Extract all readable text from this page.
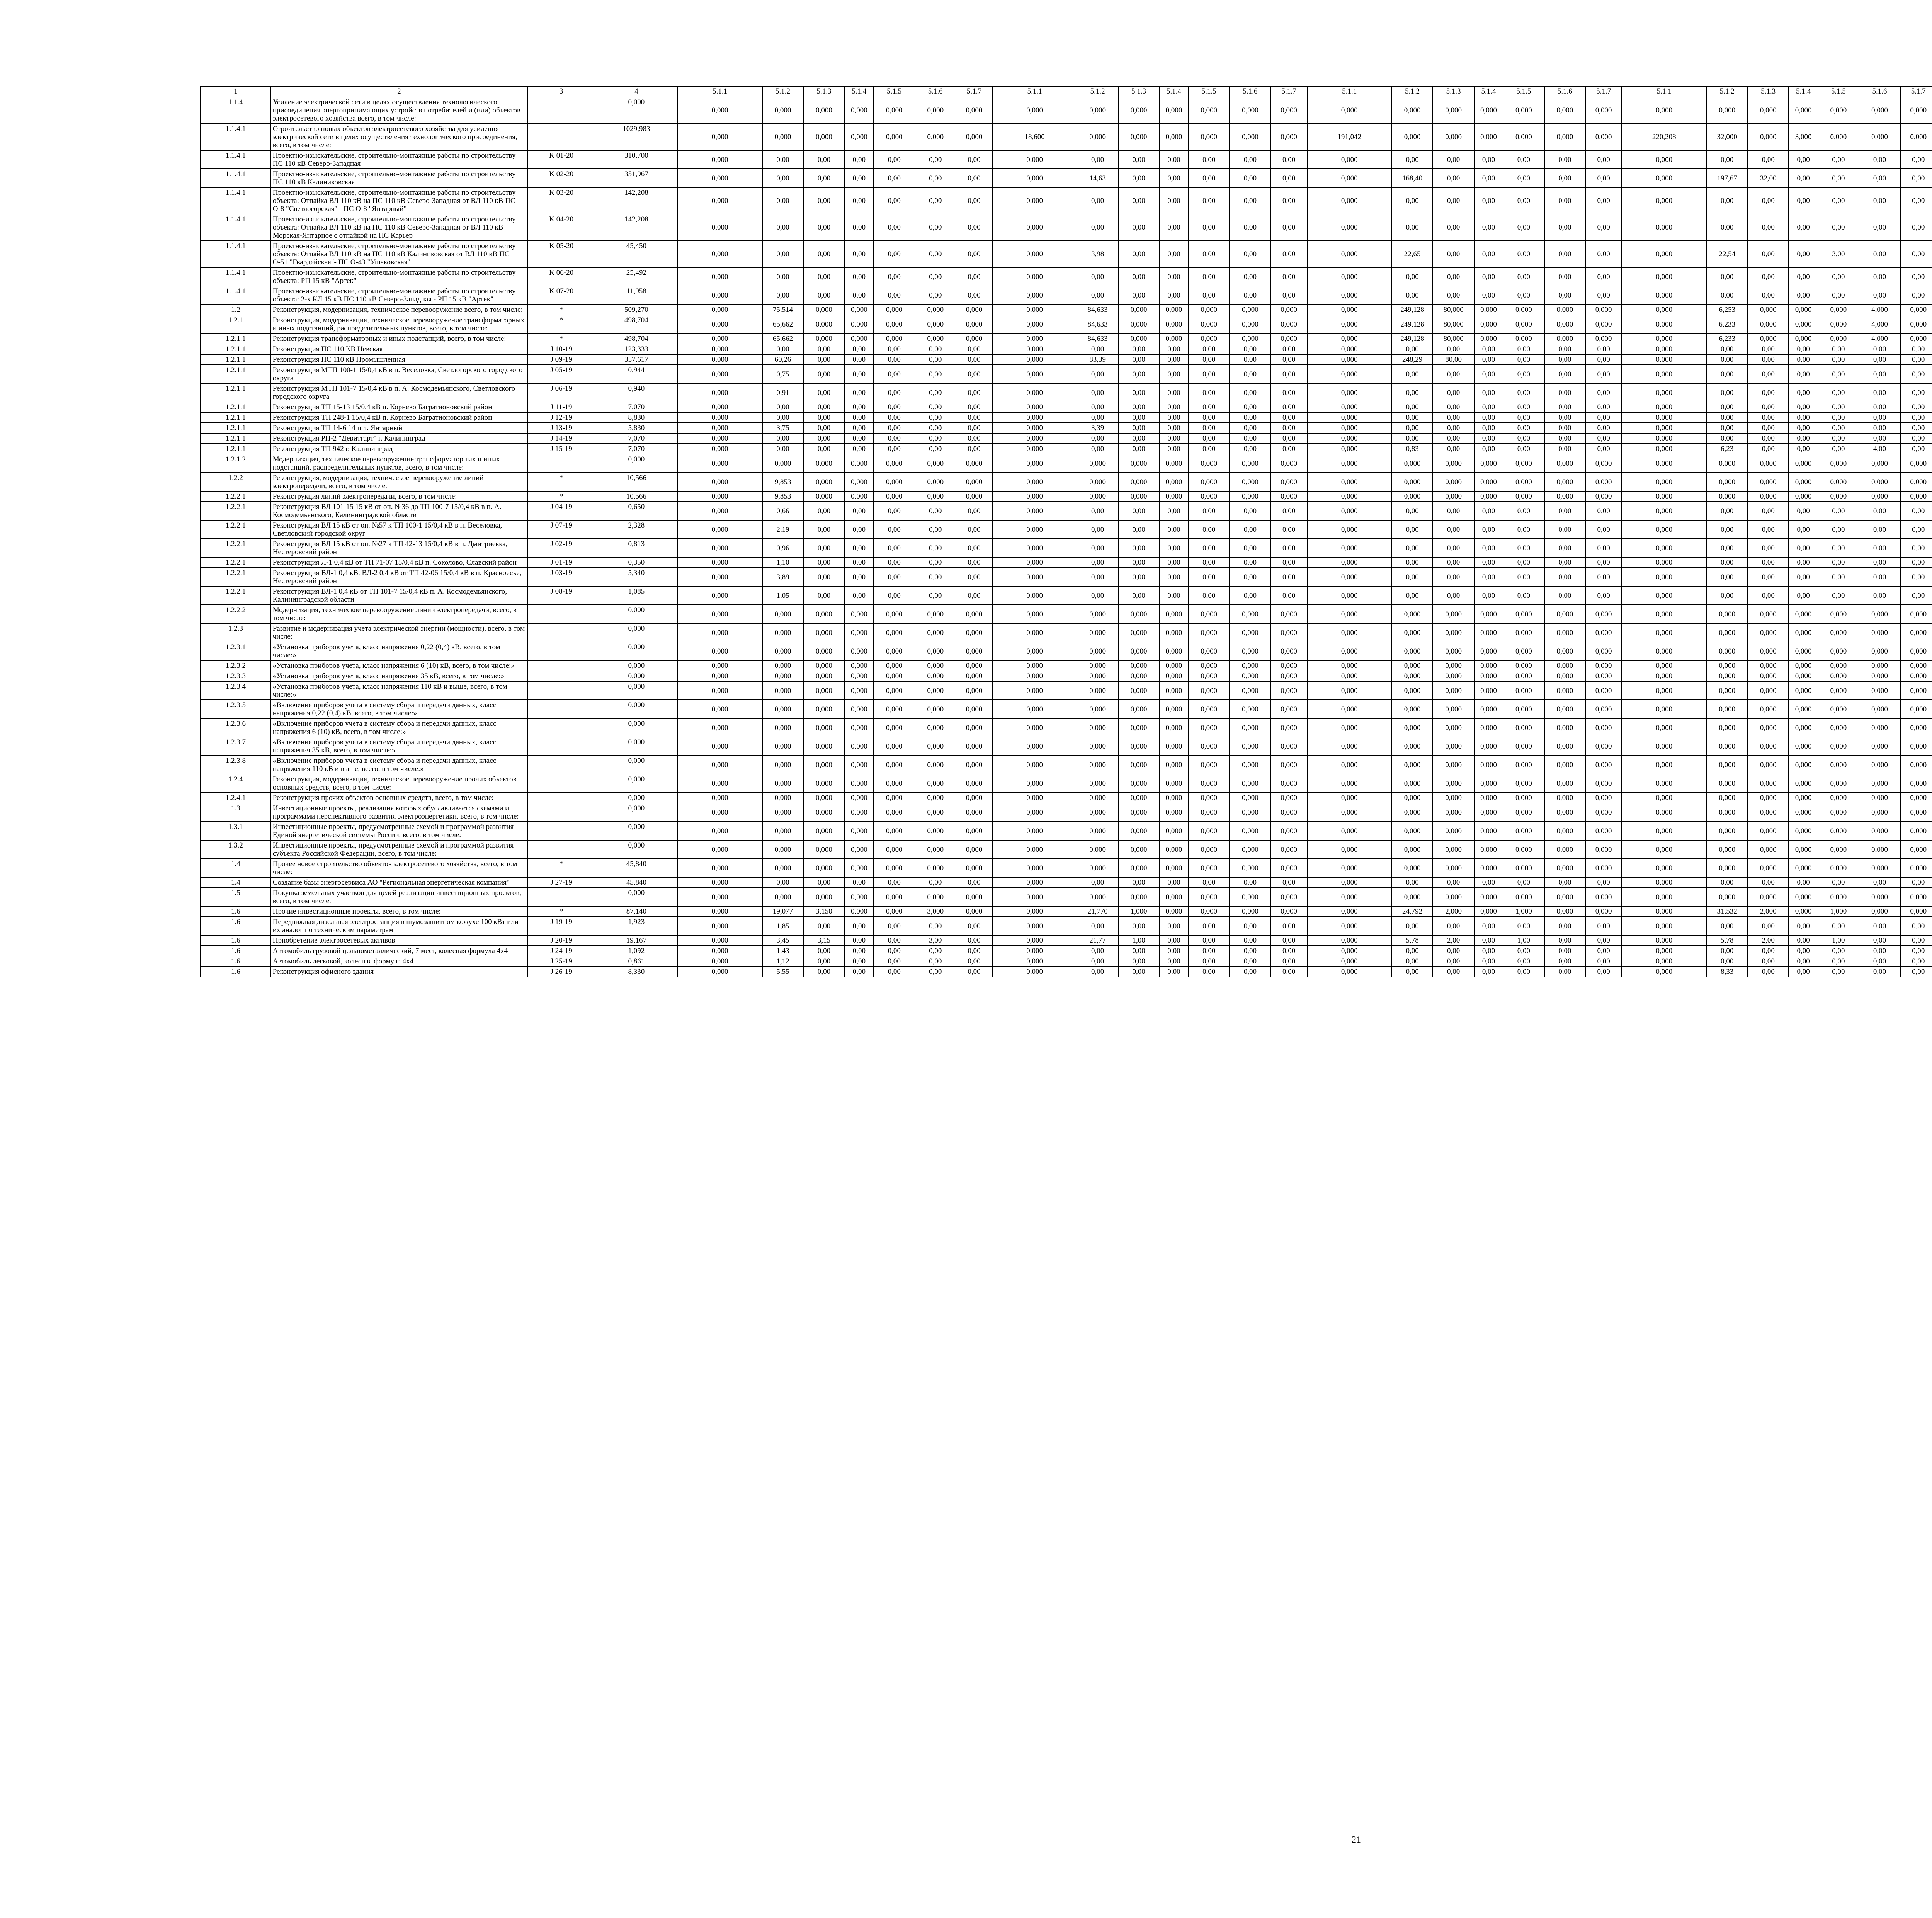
1	2	3	4	5.1.1	5.1.2	5.1.3	5.1.4	5.1.5	5.1.6	5.1.7	5.1.1	5.1.2	5.1.3	5.1.4	5.1.5	5.1.6	5.1.7	5.1.1	5.1.2	5.1.3	5.1.4	5.1.5	5.1.6	5.1.7	5.1.1	5.1.2	5.1.3	5.1.4	5.1.5	5.1.6	5.1.7														
1.1.4	Усиление электрической сети в целях осуществления технологического присоединения энергопринимающих устройств потребителей и (или) объектов электросетевого хозяйства всего, в том числе:		0,000	0,000	0,000	0,000	0,000	0,000	0,000	0,000	0,000	0,000	0,000	0,000	0,000	0,000	0,000	0,000	0,000	0,000	0,000	0,000	0,000	0,000	0,000	0,000	0,000	0,000	0,000	0,000	0,000														
1.1.4.1	Строительство новых объектов электросетевого хозяйства для усиления электрической сети в целях осуществления технологического присоединения, всего, в том числе:		1029,983	0,000	0,000	0,000	0,000	0,000	0,000	0,000	18,600	0,000	0,000	0,000	0,000	0,000	0,000	191,042	0,000	0,000	0,000	0,000	0,000	0,000	220,208	32,000	0,000	3,000	0,000	0,000	0,000														
1.1.4.1	Проектно-изыскательские, строительно-монтажные работы по строительству ПС 110 кВ Северо-Западная	K 01-20	310,700	0,000	0,00	0,00	0,00	0,00	0,00	0,00	0,000	0,00	0,00	0,00	0,00	0,00	0,00	0,000	0,00	0,00	0,00	0,00	0,00	0,00	0,000	0,00	0,00	0,00	0,00	0,00	0,00														
1.1.4.1	Проектно-изыскательские, строительно-монтажные работы по строительству ПС 110 кВ Калиниковская	K 02-20	351,967	0,000	0,00	0,00	0,00	0,00	0,00	0,00	0,000	14,63	0,00	0,00	0,00	0,00	0,00	0,000	168,40	0,00	0,00	0,00	0,00	0,00	0,000	197,67	32,00	0,00	0,00	0,00	0,00														
1.1.4.1	Проектно-изыскательские, строительно-монтажные работы по строительству объекта: Отпайка ВЛ 110 кВ на ПС 110 кВ Северо-Западная от ВЛ 110 кВ ПС О-8 "Светлогорская" - ПС О-8 "Янтарный"	K 03-20	142,208	0,000	0,00	0,00	0,00	0,00	0,00	0,00	0,000	0,00	0,00	0,00	0,00	0,00	0,00	0,000	0,00	0,00	0,00	0,00	0,00	0,00	0,000	0,00	0,00	0,00	0,00	0,00	0,00														
1.1.4.1	Проектно-изыскательские, строительно-монтажные работы по строительству объекта: Отпайка ВЛ 110 кВ на ПС 110 кВ Северо-Западная от ВЛ 110 кВ Морская-Янтарное с отпайкой на ПС Карьер	K 04-20	142,208	0,000	0,00	0,00	0,00	0,00	0,00	0,00	0,000	0,00	0,00	0,00	0,00	0,00	0,00	0,000	0,00	0,00	0,00	0,00	0,00	0,00	0,000	0,00	0,00	0,00	0,00	0,00	0,00														
1.1.4.1	Проектно-изыскательские, строительно-монтажные работы по строительству объекта: Отпайка ВЛ 110 кВ на ПС 110 кВ Калиниковская от ВЛ 110 кВ ПС О-51 "Гвардейская"- ПС О-43 "Ушаковская"	K 05-20	45,450	0,000	0,00	0,00	0,00	0,00	0,00	0,00	0,000	3,98	0,00	0,00	0,00	0,00	0,00	0,000	22,65	0,00	0,00	0,00	0,00	0,00	0,000	22,54	0,00	0,00	3,00	0,00	0,00														
1.1.4.1	Проектно-изыскательские, строительно-монтажные работы по строительству объекта: РП 15 кВ "Артек"	K 06-20	25,492	0,000	0,00	0,00	0,00	0,00	0,00	0,00	0,000	0,00	0,00	0,00	0,00	0,00	0,00	0,000	0,00	0,00	0,00	0,00	0,00	0,00	0,000	0,00	0,00	0,00	0,00	0,00	0,00														
1.1.4.1	Проектно-изыскательские, строительно-монтажные работы по строительству объекта: 2-х КЛ 15 кВ ПС 110 кВ Северо-Западная - РП 15 кВ "Артек"	K 07-20	11,958	0,000	0,00	0,00	0,00	0,00	0,00	0,00	0,000	0,00	0,00	0,00	0,00	0,00	0,00	0,000	0,00	0,00	0,00	0,00	0,00	0,00	0,000	0,00	0,00	0,00	0,00	0,00	0,00														
1.2	Реконструкция, модернизация, техническое перевооружение всего, в том числе:	*	509,270	0,000	75,514	0,000	0,000	0,000	0,000	0,000	0,000	84,633	0,000	0,000	0,000	0,000	0,000	0,000	249,128	80,000	0,000	0,000	0,000	0,000	0,000	6,253	0,000	0,000	0,000	4,000	0,000														
1.2.1	Реконструкция, модернизация, техническое перевооружение трансформаторных и иных подстанций, распределительных пунктов, всего, в том числе:	*	498,704	0,000	65,662	0,000	0,000	0,000	0,000	0,000	0,000	84,633	0,000	0,000	0,000	0,000	0,000	0,000	249,128	80,000	0,000	0,000	0,000	0,000	0,000	6,233	0,000	0,000	0,000	4,000	0,000														
1.2.1.1	Реконструкция трансформаторных и иных подстанций, всего, в том числе:	*	498,704	0,000	65,662	0,000	0,000	0,000	0,000	0,000	0,000	84,633	0,000	0,000	0,000	0,000	0,000	0,000	249,128	80,000	0,000	0,000	0,000	0,000	0,000	6,233	0,000	0,000	0,000	4,000	0,000														
1.2.1.1	Реконструкция ПС 110 КВ Невская	J 10-19	123,333	0,000	0,00	0,00	0,00	0,00	0,00	0,00	0,000	0,00	0,00	0,00	0,00	0,00	0,00	0,000	0,00	0,00	0,00	0,00	0,00	0,00	0,000	0,00	0,00	0,00	0,00	0,00	0,00														
1.2.1.1	Реконструкция ПС 110 кВ Промышленная	J 09-19	357,617	0,000	60,26	0,00	0,00	0,00	0,00	0,00	0,000	83,39	0,00	0,00	0,00	0,00	0,00	0,000	248,29	80,00	0,00	0,00	0,00	0,00	0,000	0,00	0,00	0,00	0,00	0,00	0,00														
1.2.1.1	Реконструкция МТП 100-1 15/0,4 кВ в п. Веселовка, Светлогорского городского округа	J 05-19	0,944	0,000	0,75	0,00	0,00	0,00	0,00	0,00	0,000	0,00	0,00	0,00	0,00	0,00	0,00	0,000	0,00	0,00	0,00	0,00	0,00	0,00	0,000	0,00	0,00	0,00	0,00	0,00	0,00														
1.2.1.1	Реконструкция МТП 101-7 15/0,4 кВ в п. А. Космодемьянского, Светловского городского округа	J 06-19	0,940	0,000	0,91	0,00	0,00	0,00	0,00	0,00	0,000	0,00	0,00	0,00	0,00	0,00	0,00	0,000	0,00	0,00	0,00	0,00	0,00	0,00	0,000	0,00	0,00	0,00	0,00	0,00	0,00														
1.2.1.1	Реконструкция ТП 15-13 15/0,4 кВ п. Корнево Багратионовский район	J 11-19	7,070	0,000	0,00	0,00	0,00	0,00	0,00	0,00	0,000	0,00	0,00	0,00	0,00	0,00	0,00	0,000	0,00	0,00	0,00	0,00	0,00	0,00	0,000	0,00	0,00	0,00	0,00	0,00	0,00														
1.2.1.1	Реконструкция ТП 248-1 15/0,4 кВ п. Корнево Багратионовский район	J 12-19	8,830	0,000	0,00	0,00	0,00	0,00	0,00	0,00	0,000	0,00	0,00	0,00	0,00	0,00	0,00	0,000	0,00	0,00	0,00	0,00	0,00	0,00	0,000	0,00	0,00	0,00	0,00	0,00	0,00														
1.2.1.1	Реконструкция ТП 14-6 14 пгт. Янтарный	J 13-19	5,830	0,000	3,75	0,00	0,00	0,00	0,00	0,00	0,000	3,39	0,00	0,00	0,00	0,00	0,00	0,000	0,00	0,00	0,00	0,00	0,00	0,00	0,000	0,00	0,00	0,00	0,00	0,00	0,00														
1.2.1.1	Реконструкция РП-2 "Девитгарт" г. Калининград	J 14-19	7,070	0,000	0,00	0,00	0,00	0,00	0,00	0,00	0,000	0,00	0,00	0,00	0,00	0,00	0,00	0,000	0,00	0,00	0,00	0,00	0,00	0,00	0,000	0,00	0,00	0,00	0,00	0,00	0,00														
1.2.1.1	Реконструкция ТП 942 г. Калининград	J 15-19	7,070	0,000	0,00	0,00	0,00	0,00	0,00	0,00	0,000	0,00	0,00	0,00	0,00	0,00	0,00	0,000	0,83	0,00	0,00	0,00	0,00	0,00	0,000	6,23	0,00	0,00	0,00	4,00	0,00														
1.2.1.2	Модернизация, техническое перевооружение трансформаторных и иных подстанций, распределительных пунктов, всего, в том числе:		0,000	0,000	0,000	0,000	0,000	0,000	0,000	0,000	0,000	0,000	0,000	0,000	0,000	0,000	0,000	0,000	0,000	0,000	0,000	0,000	0,000	0,000	0,000	0,000	0,000	0,000	0,000	0,000	0,000														
1.2.2	Реконструкция, модернизация, техническое перевооружение линий электропередачи, всего, в том числе:	*	10,566	0,000	9,853	0,000	0,000	0,000	0,000	0,000	0,000	0,000	0,000	0,000	0,000	0,000	0,000	0,000	0,000	0,000	0,000	0,000	0,000	0,000	0,000	0,000	0,000	0,000	0,000	0,000	0,000														
1.2.2.1	Реконструкция линий электропередачи, всего, в том числе:	*	10,566	0,000	9,853	0,000	0,000	0,000	0,000	0,000	0,000	0,000	0,000	0,000	0,000	0,000	0,000	0,000	0,000	0,000	0,000	0,000	0,000	0,000	0,000	0,000	0,000	0,000	0,000	0,000	0,000														
1.2.2.1	Реконструкция ВЛ 101-15 15 кВ от оп. №36 до ТП 100-7 15/0,4 кВ в п. А. Космодемьянского, Калининградской области	J 04-19	0,650	0,000	0,66	0,00	0,00	0,00	0,00	0,00	0,000	0,00	0,00	0,00	0,00	0,00	0,00	0,000	0,00	0,00	0,00	0,00	0,00	0,00	0,000	0,00	0,00	0,00	0,00	0,00	0,00														
1.2.2.1	Реконструкция ВЛ 15 кВ от оп. №57 к ТП 100-1 15/0,4 кВ в п. Веселовка, Светловский городской округ	J 07-19	2,328	0,000	2,19	0,00	0,00	0,00	0,00	0,00	0,000	0,00	0,00	0,00	0,00	0,00	0,00	0,000	0,00	0,00	0,00	0,00	0,00	0,00	0,000	0,00	0,00	0,00	0,00	0,00	0,00														
1.2.2.1	Реконструкция ВЛ 15 кВ от оп. №27 к ТП 42-13 15/0,4 кВ в п. Дмитриевка, Нестеровский район	J 02-19	0,813	0,000	0,96	0,00	0,00	0,00	0,00	0,00	0,000	0,00	0,00	0,00	0,00	0,00	0,00	0,000	0,00	0,00	0,00	0,00	0,00	0,00	0,000	0,00	0,00	0,00	0,00	0,00	0,00														
1.2.2.1	Реконструкция Л-1 0,4 кВ от ТП 71-07 15/0,4 кВ п. Соколово, Славский район	J 01-19	0,350	0,000	1,10	0,00	0,00	0,00	0,00	0,00	0,000	0,00	0,00	0,00	0,00	0,00	0,00	0,000	0,00	0,00	0,00	0,00	0,00	0,00	0,000	0,00	0,00	0,00	0,00	0,00	0,00														
1.2.2.1	Реконструкция ВЛ-1 0,4 кВ, ВЛ-2 0,4 кВ от ТП 42-06 15/0,4 кВ в п. Красноесье, Нестеровский район	J 03-19	5,340	0,000	3,89	0,00	0,00	0,00	0,00	0,00	0,000	0,00	0,00	0,00	0,00	0,00	0,00	0,000	0,00	0,00	0,00	0,00	0,00	0,00	0,000	0,00	0,00	0,00	0,00	0,00	0,00														
1.2.2.1	Реконструкция ВЛ-1 0,4 кВ от ТП 101-7 15/0,4 кВ п. А. Космодемьянского, Калининградской области	J 08-19	1,085	0,000	1,05	0,00	0,00	0,00	0,00	0,00	0,000	0,00	0,00	0,00	0,00	0,00	0,00	0,000	0,00	0,00	0,00	0,00	0,00	0,00	0,000	0,00	0,00	0,00	0,00	0,00	0,00														
1.2.2.2	Модернизация, техническое перевооружение линий электропередачи, всего, в том числе:		0,000	0,000	0,000	0,000	0,000	0,000	0,000	0,000	0,000	0,000	0,000	0,000	0,000	0,000	0,000	0,000	0,000	0,000	0,000	0,000	0,000	0,000	0,000	0,000	0,000	0,000	0,000	0,000	0,000														
1.2.3	Развитие и модернизация учета электрической энергии (мощности), всего, в том числе:		0,000	0,000	0,000	0,000	0,000	0,000	0,000	0,000	0,000	0,000	0,000	0,000	0,000	0,000	0,000	0,000	0,000	0,000	0,000	0,000	0,000	0,000	0,000	0,000	0,000	0,000	0,000	0,000	0,000														
1.2.3.1	«Установка приборов учета, класс напряжения 0,22 (0,4) кВ, всего, в том числе:»		0,000	0,000	0,000	0,000	0,000	0,000	0,000	0,000	0,000	0,000	0,000	0,000	0,000	0,000	0,000	0,000	0,000	0,000	0,000	0,000	0,000	0,000	0,000	0,000	0,000	0,000	0,000	0,000	0,000														
1.2.3.2	«Установка приборов учета, класс напряжения 6 (10) кВ, всего, в том числе:»		0,000	0,000	0,000	0,000	0,000	0,000	0,000	0,000	0,000	0,000	0,000	0,000	0,000	0,000	0,000	0,000	0,000	0,000	0,000	0,000	0,000	0,000	0,000	0,000	0,000	0,000	0,000	0,000	0,000														
1.2.3.3	«Установка приборов учета, класс напряжения 35 кВ, всего, в том числе:»		0,000	0,000	0,000	0,000	0,000	0,000	0,000	0,000	0,000	0,000	0,000	0,000	0,000	0,000	0,000	0,000	0,000	0,000	0,000	0,000	0,000	0,000	0,000	0,000	0,000	0,000	0,000	0,000	0,000														
1.2.3.4	«Установка приборов учета, класс напряжения 110 кВ и выше, всего, в том числе:»		0,000	0,000	0,000	0,000	0,000	0,000	0,000	0,000	0,000	0,000	0,000	0,000	0,000	0,000	0,000	0,000	0,000	0,000	0,000	0,000	0,000	0,000	0,000	0,000	0,000	0,000	0,000	0,000	0,000														
1.2.3.5	«Включение приборов учета в систему сбора и передачи данных, класс напряжения 0,22 (0,4) кВ, всего, в том числе:»		0,000	0,000	0,000	0,000	0,000	0,000	0,000	0,000	0,000	0,000	0,000	0,000	0,000	0,000	0,000	0,000	0,000	0,000	0,000	0,000	0,000	0,000	0,000	0,000	0,000	0,000	0,000	0,000	0,000														
1.2.3.6	«Включение приборов учета в систему сбора и передачи данных, класс напряжения 6 (10) кВ, всего, в том числе:»		0,000	0,000	0,000	0,000	0,000	0,000	0,000	0,000	0,000	0,000	0,000	0,000	0,000	0,000	0,000	0,000	0,000	0,000	0,000	0,000	0,000	0,000	0,000	0,000	0,000	0,000	0,000	0,000	0,000														
1.2.3.7	«Включение приборов учета в систему сбора и передачи данных, класс напряжения 35 кВ, всего, в том числе:»		0,000	0,000	0,000	0,000	0,000	0,000	0,000	0,000	0,000	0,000	0,000	0,000	0,000	0,000	0,000	0,000	0,000	0,000	0,000	0,000	0,000	0,000	0,000	0,000	0,000	0,000	0,000	0,000	0,000														
1.2.3.8	«Включение приборов учета в систему сбора и передачи данных, класс напряжения 110 кВ и выше, всего, в том числе:»		0,000	0,000	0,000	0,000	0,000	0,000	0,000	0,000	0,000	0,000	0,000	0,000	0,000	0,000	0,000	0,000	0,000	0,000	0,000	0,000	0,000	0,000	0,000	0,000	0,000	0,000	0,000	0,000	0,000														
1.2.4	Реконструкция, модернизация, техническое перевооружение прочих объектов основных средств, всего, в том числе:		0,000	0,000	0,000	0,000	0,000	0,000	0,000	0,000	0,000	0,000	0,000	0,000	0,000	0,000	0,000	0,000	0,000	0,000	0,000	0,000	0,000	0,000	0,000	0,000	0,000	0,000	0,000	0,000	0,000														
1.2.4.1	Реконструкция прочих объектов основных средств, всего, в том числе:		0,000	0,000	0,000	0,000	0,000	0,000	0,000	0,000	0,000	0,000	0,000	0,000	0,000	0,000	0,000	0,000	0,000	0,000	0,000	0,000	0,000	0,000	0,000	0,000	0,000	0,000	0,000	0,000	0,000														
1.3	Инвестиционные проекты, реализация которых обуславливается схемами и программами перспективного развития электроэнергетики, всего, в том числе:		0,000	0,000	0,000	0,000	0,000	0,000	0,000	0,000	0,000	0,000	0,000	0,000	0,000	0,000	0,000	0,000	0,000	0,000	0,000	0,000	0,000	0,000	0,000	0,000	0,000	0,000	0,000	0,000	0,000														
1.3.1	Инвестиционные проекты, предусмотренные схемой и программой развития Единой энергетической системы России, всего, в том числе:		0,000	0,000	0,000	0,000	0,000	0,000	0,000	0,000	0,000	0,000	0,000	0,000	0,000	0,000	0,000	0,000	0,000	0,000	0,000	0,000	0,000	0,000	0,000	0,000	0,000	0,000	0,000	0,000	0,000														
1.3.2	Инвестиционные проекты, предусмотренные схемой и программой развития субъекта Российской Федерации, всего, в том числе:		0,000	0,000	0,000	0,000	0,000	0,000	0,000	0,000	0,000	0,000	0,000	0,000	0,000	0,000	0,000	0,000	0,000	0,000	0,000	0,000	0,000	0,000	0,000	0,000	0,000	0,000	0,000	0,000	0,000														
1.4	Прочее новое строительство объектов электросетевого хозяйства, всего, в том числе:	*	45,840	0,000	0,000	0,000	0,000	0,000	0,000	0,000	0,000	0,000	0,000	0,000	0,000	0,000	0,000	0,000	0,000	0,000	0,000	0,000	0,000	0,000	0,000	0,000	0,000	0,000	0,000	0,000	0,000														
1.4	Создание базы энергосервиса АО "Региональная энергетическая компания"	J 27-19	45,840	0,000	0,00	0,00	0,00	0,00	0,00	0,00	0,000	0,00	0,00	0,00	0,00	0,00	0,00	0,000	0,00	0,00	0,00	0,00	0,00	0,00	0,000	0,00	0,00	0,00	0,00	0,00	0,00														
1.5	Покупка земельных участков для целей реализации инвестиционных проектов, всего, в том числе:		0,000	0,000	0,000	0,000	0,000	0,000	0,000	0,000	0,000	0,000	0,000	0,000	0,000	0,000	0,000	0,000	0,000	0,000	0,000	0,000	0,000	0,000	0,000	0,000	0,000	0,000	0,000	0,000	0,000														
1.6	Прочие инвестиционные проекты, всего, в том числе:	*	87,140	0,000	19,077	3,150	0,000	0,000	3,000	0,000	0,000	21,770	1,000	0,000	0,000	0,000	0,000	0,000	24,792	2,000	0,000	1,000	0,000	0,000	0,000	31,532	2,000	0,000	1,000	0,000	0,000														
1.6	Передвижная дизельная электростанция в шумозащитном кожухе 100 кВт или их аналог по техническим параметрам	J 19-19	1,923	0,000	1,85	0,00	0,00	0,00	0,00	0,00	0,000	0,00	0,00	0,00	0,00	0,00	0,00	0,000	0,00	0,00	0,00	0,00	0,00	0,00	0,000	0,00	0,00	0,00	0,00	0,00	0,00														
1.6	Приобретение электросетевых активов	J 20-19	19,167	0,000	3,45	3,15	0,00	0,00	3,00	0,00	0,000	21,77	1,00	0,00	0,00	0,00	0,00	0,000	5,78	2,00	0,00	1,00	0,00	0,00	0,000	5,78	2,00	0,00	1,00	0,00	0,00														
1.6	Автомобиль грузовой цельнометаллический, 7 мест, колесная формула 4х4	J 24-19	1,092	0,000	1,43	0,00	0,00	0,00	0,00	0,00	0,000	0,00	0,00	0,00	0,00	0,00	0,00	0,000	0,00	0,00	0,00	0,00	0,00	0,00	0,000	0,00	0,00	0,00	0,00	0,00	0,00														
1.6	Автомобиль легковой, колесная формула 4х4	J 25-19	0,861	0,000	1,12	0,00	0,00	0,00	0,00	0,00	0,000	0,00	0,00	0,00	0,00	0,00	0,00	0,000	0,00	0,00	0,00	0,00	0,00	0,00	0,000	0,00	0,00	0,00	0,00	0,00	0,00														
1.6	Реконструкция офисного здания	J 26-19	8,330	0,000	5,55	0,00	0,00	0,00	0,00	0,00	0,000	0,00	0,00	0,00	0,00	0,00	0,00	0,000	0,00	0,00	0,00	0,00	0,00	0,00	0,000	8,33	0,00	0,00	0,00	0,00	0,00														
21
